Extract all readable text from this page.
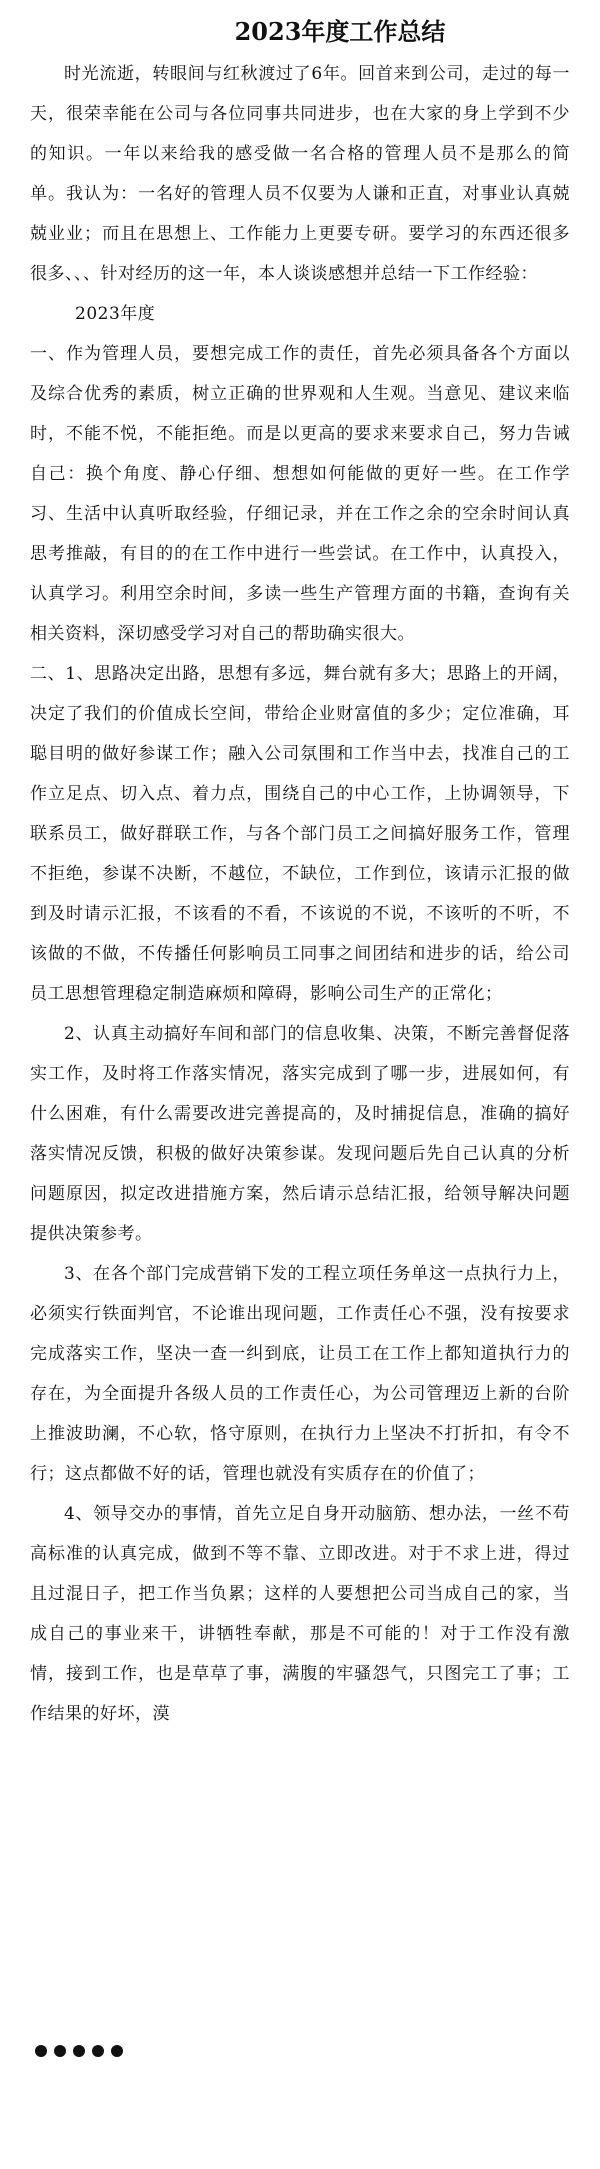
2023年度工作总结

时光流逝，转眼间与红秋渡过了6年。回首来到公司，走过的每一天，很荣幸能在公司与各位同事共同进步，也在大家的身上学到不少的知识。一年以来给我的感受做一名合格的管理人员不是那么的简单。我认为：一名好的管理人员不仅要为人谦和正直，对事业认真兢兢业业；而且在思想上、工作能力上更要专研。要学习的东西还很多很多、、、针对经历的这一年，本人谈谈感想并总结一下工作经验：

2023年度

一、作为管理人员，要想完成工作的责任，首先必须具备各个方面以及综合优秀的素质，树立正确的世界观和人生观。当意见、建议来临时，不能不悦，不能拒绝。而是以更高的要求来要求自己，努力告诫自己：换个角度、静心仔细、想想如何能做的更好一些。在工作学习、生活中认真听取经验，仔细记录，并在工作之余的空余时间认真思考推敲，有目的的在工作中进行一些尝试。在工作中，认真投入，认真学习。利用空余时间，多读一些生产管理方面的书籍，查询有关相关资料，深切感受学习对自己的帮助确实很大。

二、1、思路决定出路，思想有多远，舞台就有多大；思路上的开阔，决定了我们的价值成长空间，带给企业财富值的多少；定位准确，耳聪目明的做好参谋工作；融入公司氛围和工作当中去，找准自己的工作立足点、切入点、着力点，围绕自己的中心工作，上协调领导，下联系员工，做好群联工作，与各个部门员工之间搞好服务工作，管理不拒绝，参谋不决断，不越位，不缺位，工作到位，该请示汇报的做到及时请示汇报，不该看的不看，不该说的不说，不该听的不听，不该做的不做，不传播任何影响员工同事之间团结和进步的话，给公司员工思想管理稳定制造麻烦和障碍，影响公司生产的正常化；

2、认真主动搞好车间和部门的信息收集、决策，不断完善督促落实工作，及时将工作落实情况，落实完成到了哪一步，进展如何，有什么困难，有什么需要改进完善提高的，及时捕捉信息，准确的搞好落实情况反馈，积极的做好决策参谋。发现问题后先自己认真的分析问题原因，拟定改进措施方案，然后请示总结汇报，给领导解决问题提供决策参考。

3、在各个部门完成营销下发的工程立项任务单这一点执行力上，必须实行铁面判官，不论谁出现问题，工作责任心不强，没有按要求完成落实工作，坚决一查一纠到底，让员工在工作上都知道执行力的存在，为全面提升各级人员的工作责任心，为公司管理迈上新的台阶上推波助澜，不心软，恪守原则，在执行力上坚决不打折扣，有令不行；这点都做不好的话，管理也就没有实质存在的价值了；

4、领导交办的事情，首先立足自身开动脑筋、想办法，一丝不苟高标准的认真完成，做到不等不靠、立即改进。对于不求上进，得过且过混日子，把工作当负累；这样的人要想把公司当成自己的家，当成自己的事业来干，讲牺牲奉献，那是不可能的！对于工作没有激情，接到工作，也是草草了事，满腹的牢骚怨气，只图完工了事；工作结果的好坏，漠
